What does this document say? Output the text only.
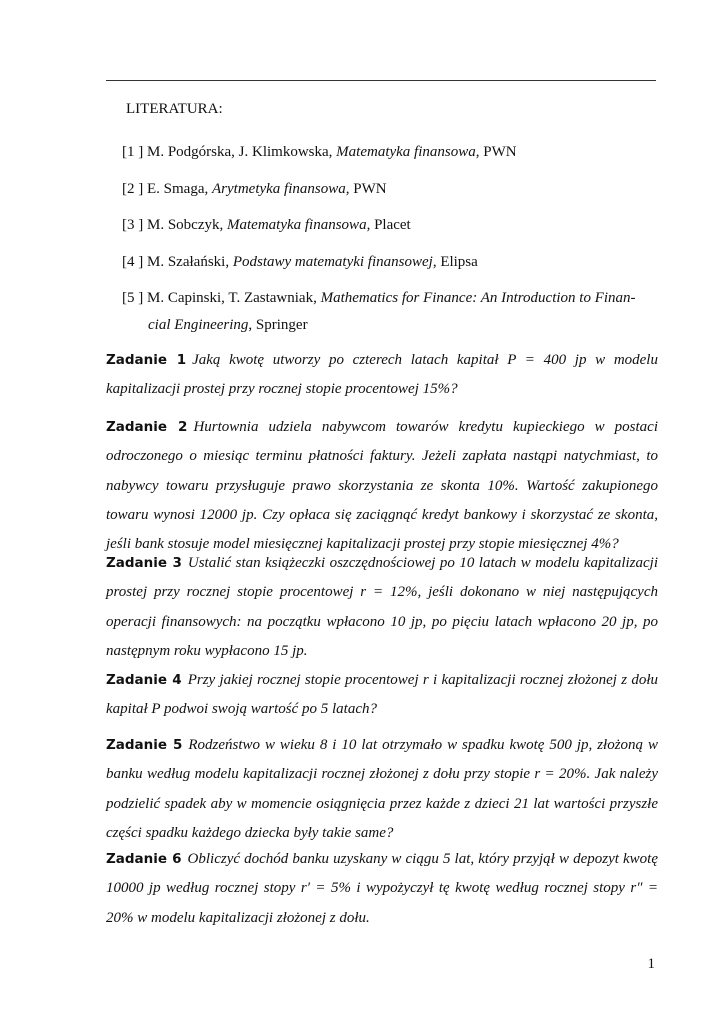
LITERATURA:
[1 ] M. Podgórska, J. Klimkowska, Matematyka finansowa, PWN
[2 ] E. Smaga, Arytmetyka finansowa, PWN
[3 ] M. Sobczyk, Matematyka finansowa, Placet
[4 ] M. Szałański, Podstawy matematyki finansowej, Elipsa
[5 ] M. Capinski, T. Zastawniak, Mathematics for Finance: An Introduction to Finan-
cial Engineering, Springer
Zadanie 1 Jaką kwotę utworzy po czterech latach kapitał P = 400 jp w modelu kapitalizacji prostej przy rocznej stopie procentowej 15%?
Zadanie 2 Hurtownia udziela nabywcom towarów kredytu kupieckiego w postaci odroczonego o miesiąc terminu płatności faktury. Jeżeli zapłata nastąpi natychmiast, to nabywcy towaru przysługuje prawo skorzystania ze skonta 10%. Wartość zakupionego towaru wynosi 12000 jp. Czy opłaca się zaciągnąć kredyt bankowy i skorzystać ze skonta, jeśli bank stosuje model miesięcznej kapitalizacji prostej przy stopie miesięcznej 4%?
Zadanie 3 Ustalić stan książeczki oszczędnościowej po 10 latach w modelu kapitalizacji prostej przy rocznej stopie procentowej r = 12%, jeśli dokonano w niej następujących operacji finansowych: na początku wpłacono 10 jp, po pięciu latach wpłacono 20 jp, po następnym roku wypłacono 15 jp.
Zadanie 4 Przy jakiej rocznej stopie procentowej r i kapitalizacji rocznej złożonej z dołu kapitał P podwoi swoją wartość po 5 latach?
Zadanie 5 Rodzeństwo w wieku 8 i 10 lat otrzymało w spadku kwotę 500 jp, złożoną w banku według modelu kapitalizacji rocznej złożonej z dołu przy stopie r = 20%. Jak należy podzielić spadek aby w momencie osiągnięcia przez każde z dzieci 21 lat wartości przyszłe części spadku każdego dziecka były takie same?
Zadanie 6 Obliczyć dochód banku uzyskany w ciągu 5 lat, który przyjął w depozyt kwotę 10000 jp według rocznej stopy r′ = 5% i wypożyczył tę kwotę według rocznej stopy r″ = 20% w modelu kapitalizacji złożonej z dołu.
1
